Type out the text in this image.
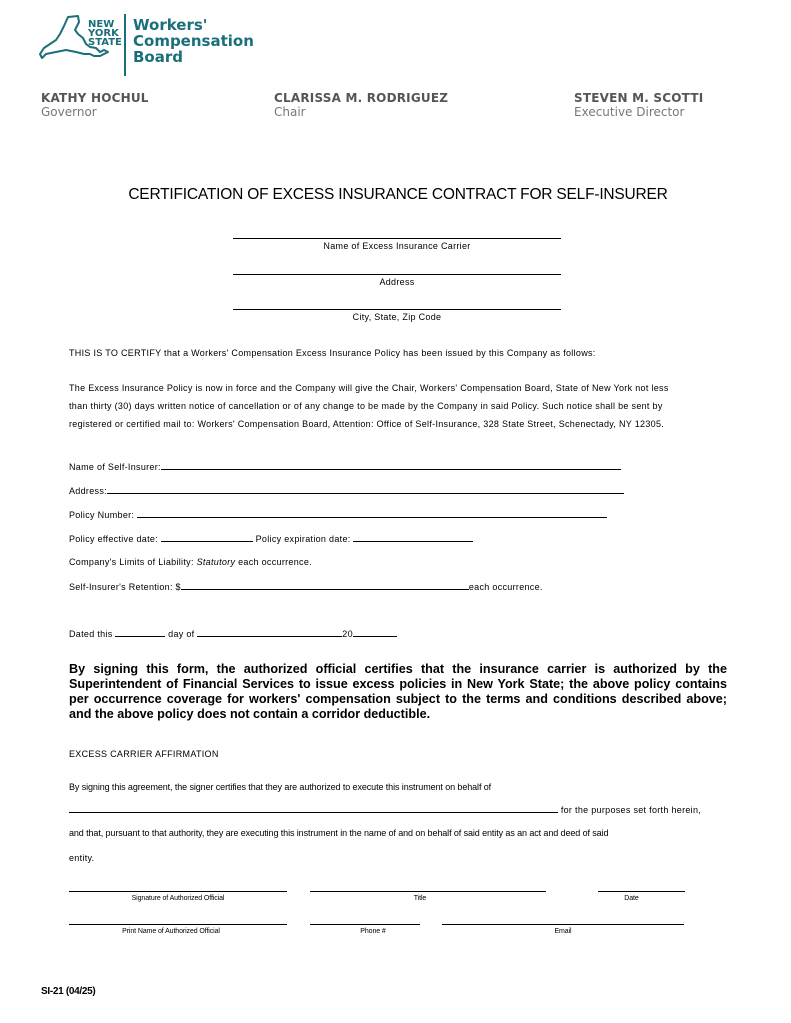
NEW
YORK
STATE
Workers'
Compensation
Board
KATHY HOCHUL
Governor
CLARISSA M. RODRIGUEZ
Chair
STEVEN M. SCOTTI
Executive Director
CERTIFICATION OF EXCESS INSURANCE CONTRACT FOR SELF-INSURER
Name of Excess Insurance Carrier
Address
City, State, Zip Code
THIS IS TO CERTIFY that a Workers' Compensation Excess Insurance Policy has been issued by this Company as follows:
The Excess Insurance Policy is now in force and the Company will give the Chair, Workers' Compensation Board, State of New York not less
than thirty (30) days written notice of cancellation or of any change to be made by the Company in said Policy. Such notice shall be sent by
registered or certified mail to: Workers' Compensation Board, Attention: Office of Self-Insurance, 328 State Street, Schenectady, NY 12305.
Name of Self-Insurer:
Address:
Policy Number:
Policy effective date:	Policy expiration date:
Company's Limits of Liability: Statutory each occurrence.
Self-Insurer's Retention: $	each occurrence.
Dated this	day of	20
By signing this form, the authorized official certifies that the insurance carrier is authorized by the Superintendent of Financial Services to issue excess policies in New York State; the above policy contains per occurrence coverage for workers' compensation subject to the terms and conditions described above; and the above policy does not contain a corridor deductible.
EXCESS CARRIER AFFIRMATION
By signing this agreement, the signer certifies that they are authorized to execute this instrument on behalf of
for the purposes set forth herein,
and that, pursuant to that authority, they are executing this instrument in the name of and on behalf of said entity as an act and deed of said
entity.
Signature of Authorized Official	Title	Date
Print Name of Authorized Official	Phone #	Email
SI-21 (04/25)
